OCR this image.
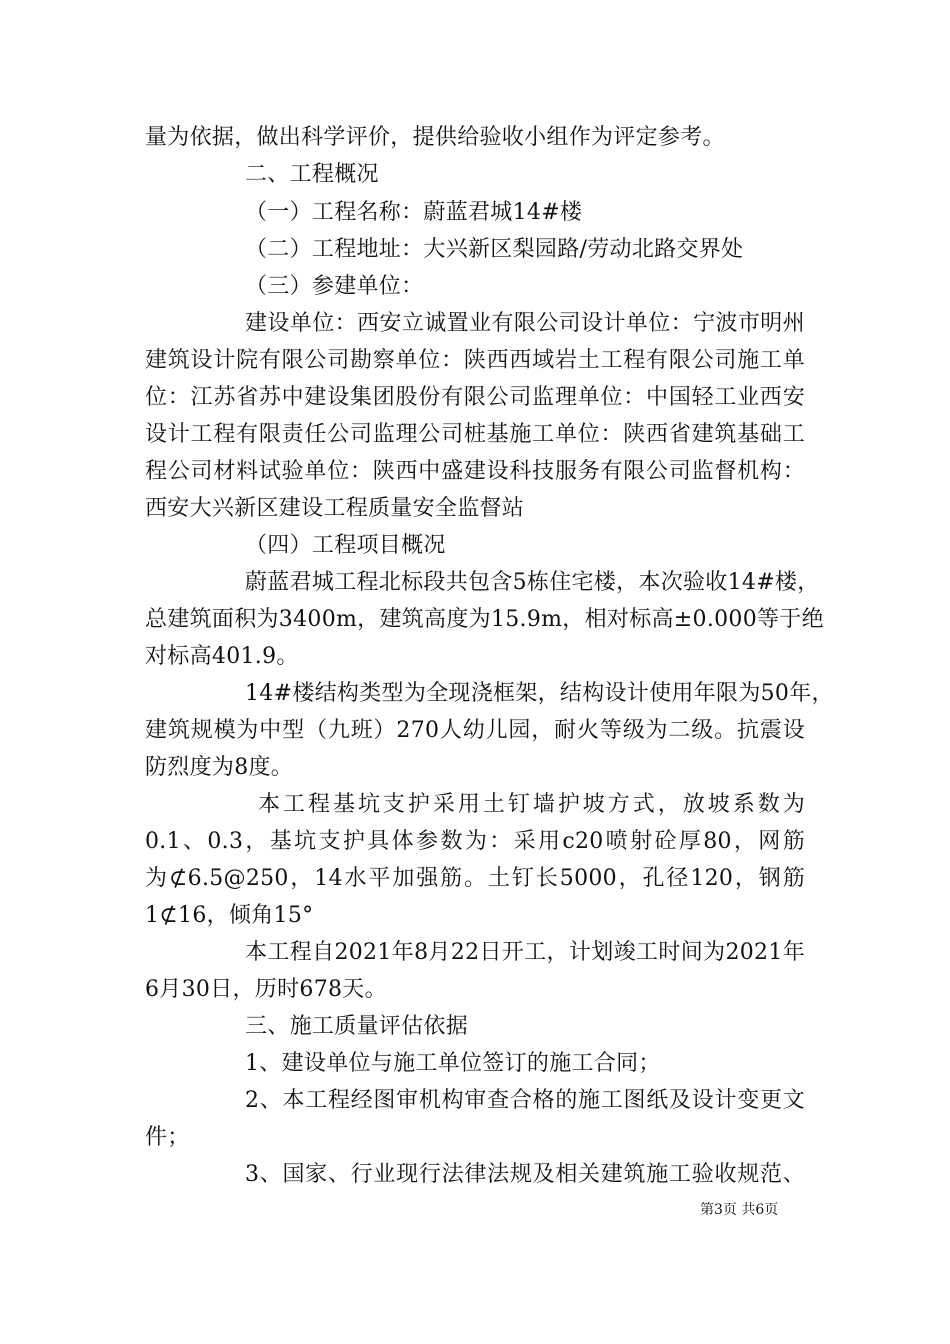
量为依据，做出科学评价，提供给验收小组作为评定参考。
二、工程概况
（一）工程名称：蔚蓝君城14#楼
（二）工程地址：大兴新区梨园路/劳动北路交界处
（三）参建单位：
建设单位：西安立诚置业有限公司设计单位：宁波市明州
建筑设计院有限公司勘察单位：陕西西域岩土工程有限公司施工单
位：江苏省苏中建设集团股份有限公司监理单位：中国轻工业西安
设计工程有限责任公司监理公司桩基施工单位：陕西省建筑基础工
程公司材料试验单位：陕西中盛建设科技服务有限公司监督机构：
西安大兴新区建设工程质量安全监督站
（四）工程项目概况
蔚蓝君城工程北标段共包含5栋住宅楼，本次验收14#楼，
总建筑面积为3400m，建筑高度为15.9m，相对标高±0.000等于绝
对标高401.9。
14#楼结构类型为全现浇框架，结构设计使用年限为50年，
建筑规模为中型（九班）270人幼儿园，耐火等级为二级。抗震设
防烈度为8度。
本工程基坑支护采用土钉墙护坡方式，放坡系数为
0.1、0.3，基坑支护具体参数为：采用c20喷射砼厚80，网筋
为⊄6.5@250，14水平加强筋。土钉长5000，孔径120，钢筋
1⊄16，倾角15°
本工程自2021年8月22日开工，计划竣工时间为2021年
6月30日，历时678天。
三、施工质量评估依据
1、建设单位与施工单位签订的施工合同；
2、本工程经图审机构审查合格的施工图纸及设计变更文
件；
3、国家、行业现行法律法规及相关建筑施工验收规范、
第3页 共6页
